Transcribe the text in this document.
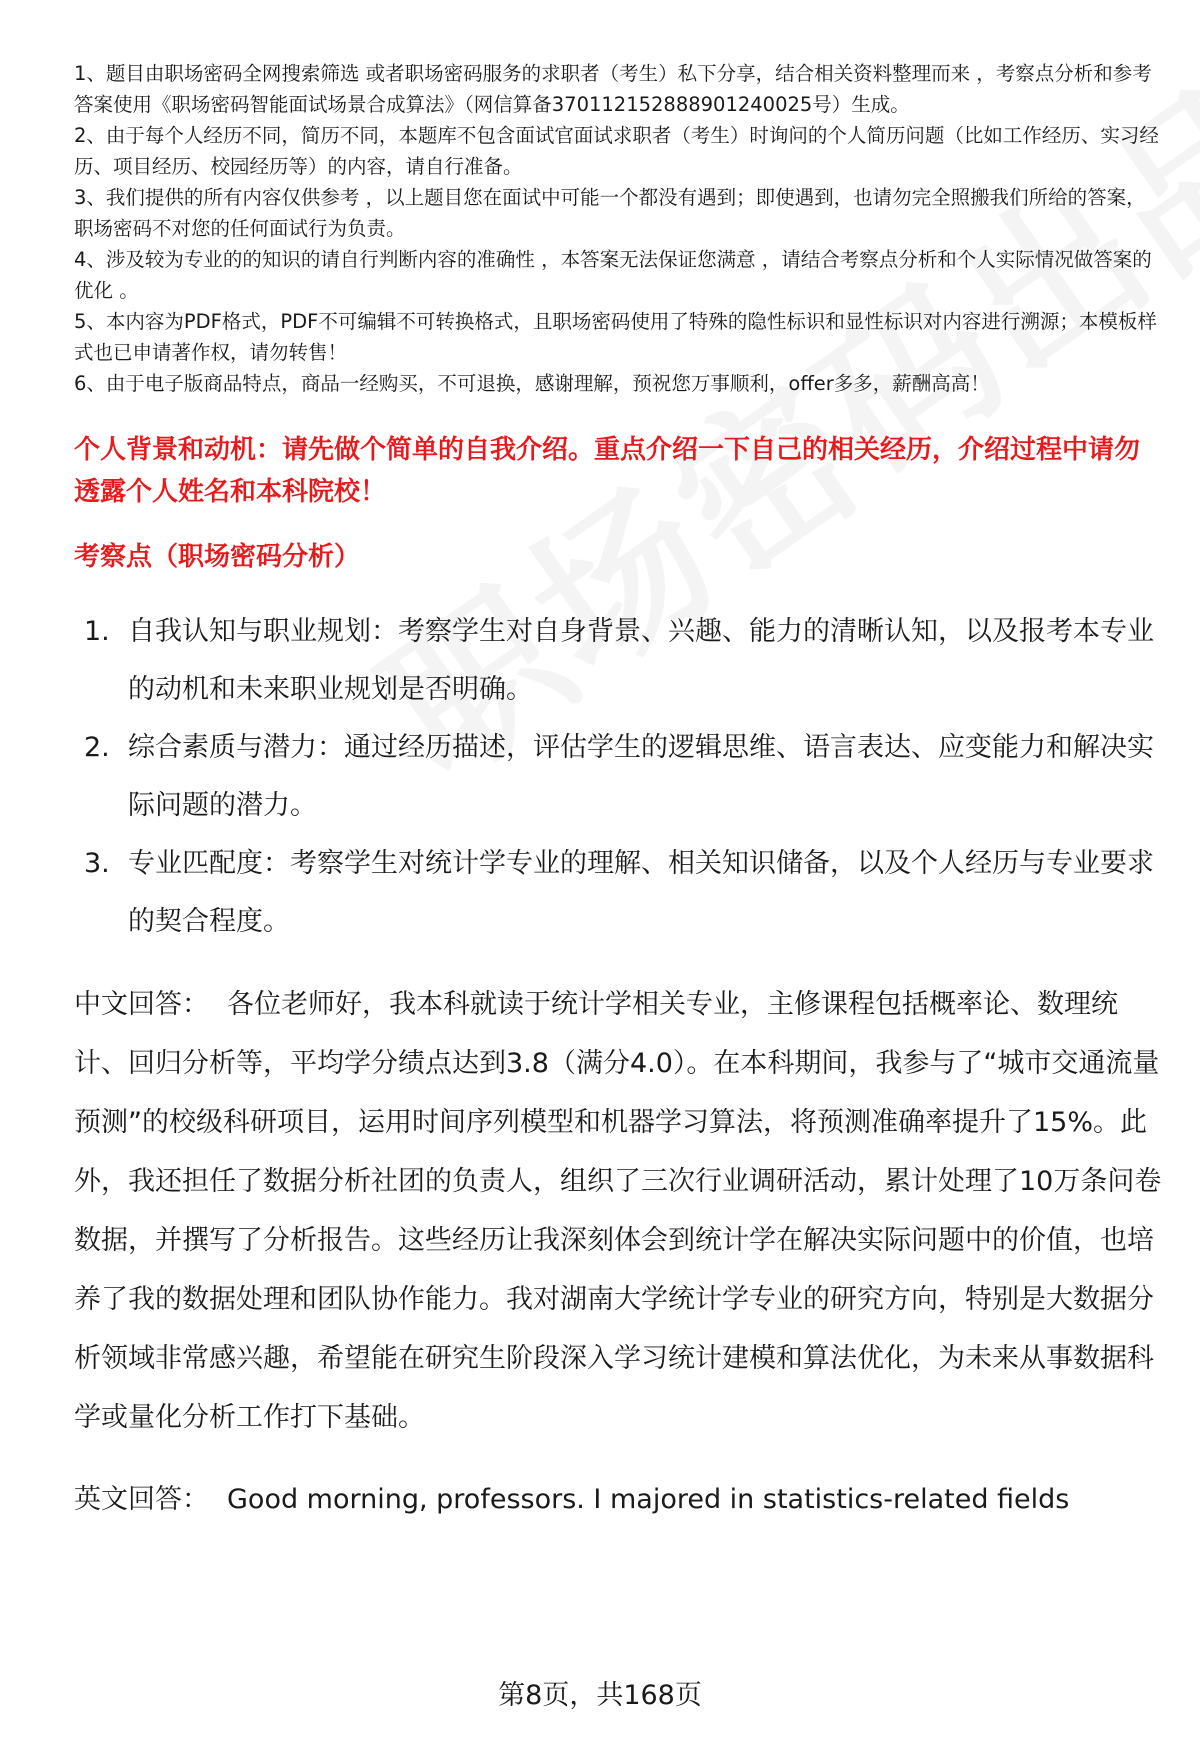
1、题目由职场密码全网搜索筛选 或者职场密码服务的求职者（考生）私下分享，结合相关资料整理而来 ，考察点分析和参考答案使用《职场密码智能面试场景合成算法》（网信算备370112152888901240025号）生成。

2、由于每个人经历不同，简历不同，本题库不包含面试官面试求职者（考生）时询问的个人简历问题（比如工作经历、实习经历、项目经历、校园经历等）的内容，请自行准备。

3、我们提供的所有内容仅供参考 ，以上题目您在面试中可能一个都没有遇到；即使遇到，也请勿完全照搬我们所给的答案，职场密码不对您的任何面试行为负责。

4、涉及较为专业的的知识的请自行判断内容的准确性 ，本答案无法保证您满意 ，请结合考察点分析和个人实际情况做答案的优化 。

5、本内容为PDF格式，PDF不可编辑不可转换格式，且职场密码使用了特殊的隐性标识和显性标识对内容进行溯源；本模板样式也已申请著作权，请勿转售！

6、由于电子版商品特点，商品一经购买，不可退换，感谢理解，预祝您万事顺利，offer多多，薪酬高高！

个人背景和动机：请先做个简单的自我介绍。重点介绍一下自己的相关经历，介绍过程中请勿透露个人姓名和本科院校！
考察点（职场密码分析）
1. 自我认知与职业规划：考察学生对自身背景、兴趣、能力的清晰认知，以及报考本专业的动机和未来职业规划是否明确。
2. 综合素质与潜力：通过经历描述，评估学生的逻辑思维、语言表达、应变能力和解决实际问题的潜力。
3. 专业匹配度：考察学生对统计学专业的理解、相关知识储备，以及个人经历与专业要求的契合程度。
中文回答： 各位老师好，我本科就读于统计学相关专业，主修课程包括概率论、数理统计、回归分析等，平均学分绩点达到3.8（满分4.0）。在本科期间，我参与了“城市交通流量预测”的校级科研项目，运用时间序列模型和机器学习算法，将预测准确率提升了15%。此外，我还担任了数据分析社团的负责人，组织了三次行业调研活动，累计处理了10万条问卷数据，并撰写了分析报告。这些经历让我深刻体会到统计学在解决实际问题中的价值，也培养了我的数据处理和团队协作能力。我对湖南大学统计学专业的研究方向，特别是大数据分析领域非常感兴趣，希望能在研究生阶段深入学习统计建模和算法优化，为未来从事数据科学或量化分析工作打下基础。
英文回答： Good morning, professors. I majored in statistics-related fields
第8页，共168页
